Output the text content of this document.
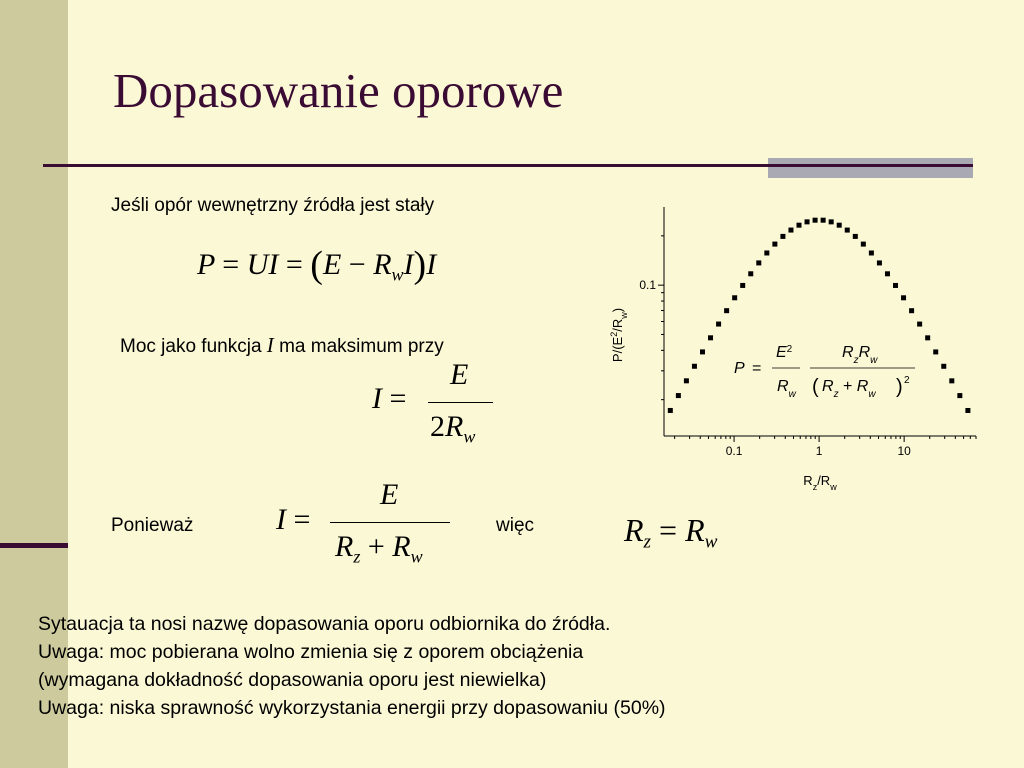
Dopasowanie oporowe
Jeśli opór wewnętrzny źródła jest stały
P = UI = $(E - R_wI)I$
Moc jako funkcja I ma maksimum przy
I =
E
$2R_w$
Ponieważ	I =
E
$R_z + R_w$
więc	$R_z = R_w$
Sytauacja ta nosi nazwę dopasowania oporu odbiornika do źródła.
Uwaga: moc pobierana wolno zmienia się z oporem obciążenia
(wymagana dokładność dopasowania oporu jest niewielka)
Uwaga: niska sprawność wykorzystania energii przy dopasowaniu (50%)
0.1	1	10
0.1
$P/(E^2/R_w)$
$R_z/R_w$
P =
$E^2$
$R_w$
$R_zR_w$
( $R_z + R_w$ ) 2
